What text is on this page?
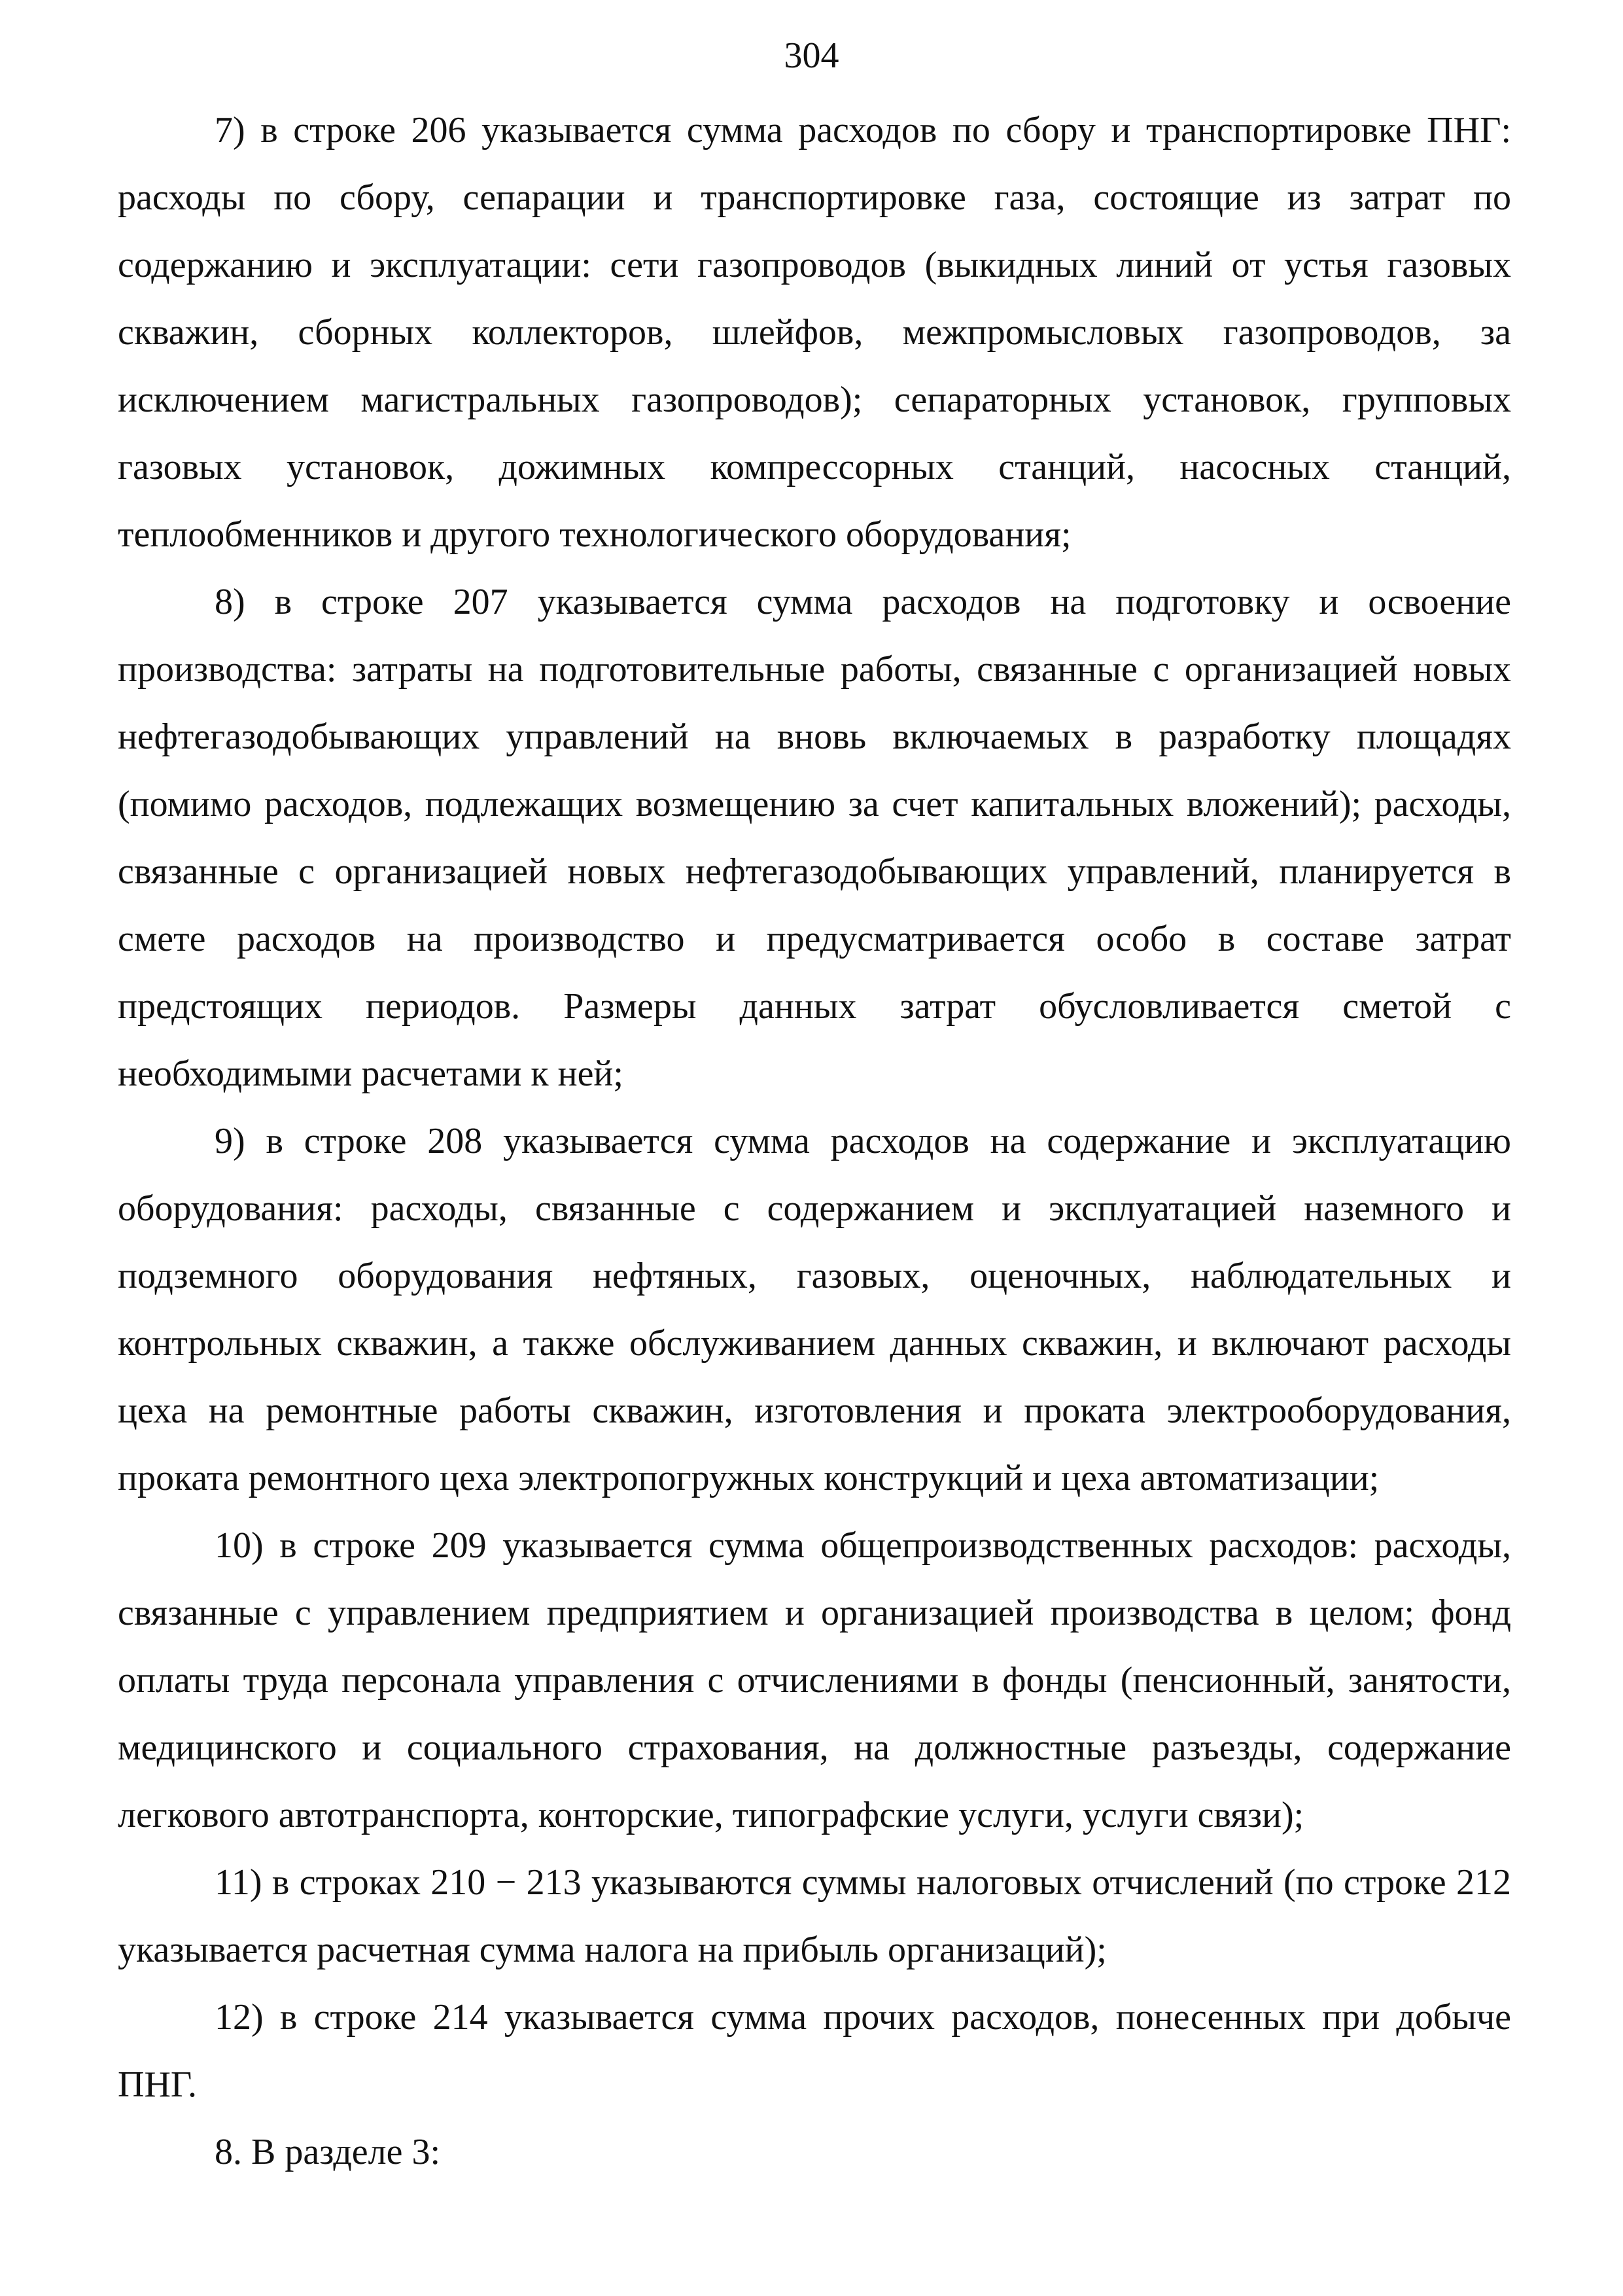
304

7) в строке 206 указывается сумма расходов по сбору и транспортировке ПНГ: расходы по сбору, сепарации и транспортировке газа, состоящие из затрат по содержанию и эксплуатации: сети газопроводов (выкидных линий от устья газовых скважин, сборных коллекторов, шлейфов, межпромысловых газопроводов, за исключением магистральных газопроводов); сепараторных установок, групповых газовых установок, дожимных компрессорных станций, насосных станций, теплообменников и другого технологического оборудования;

8) в строке 207 указывается сумма расходов на подготовку и освоение производства: затраты на подготовительные работы, связанные с организацией новых нефтегазодобывающих управлений на вновь включаемых в разработку площадях (помимо расходов, подлежащих возмещению за счет капитальных вложений); расходы, связанные с организацией новых нефтегазодобывающих управлений, планируется в смете расходов на производство и предусматривается особо в составе затрат предстоящих периодов. Размеры данных затрат обусловливается сметой с необходимыми расчетами к ней;

9) в строке 208 указывается сумма расходов на содержание и эксплуатацию оборудования: расходы, связанные с содержанием и эксплуатацией наземного и подземного оборудования нефтяных, газовых, оценочных, наблюдательных и контрольных скважин, а также обслуживанием данных скважин, и включают расходы цеха на ремонтные работы скважин, изготовления и проката электрооборудования, проката ремонтного цеха электропогружных конструкций и цеха автоматизации;

10) в строке 209 указывается сумма общепроизводственных расходов: расходы, связанные с управлением предприятием и организацией производства в целом; фонд оплаты труда персонала управления с отчислениями в фонды (пенсионный, занятости, медицинского и социального страхования, на должностные разъезды, содержание легкового автотранспорта, конторские, типографские услуги, услуги связи);

11) в строках 210 − 213 указываются суммы налоговых отчислений (по строке 212 указывается расчетная сумма налога на прибыль организаций);

12) в строке 214 указывается сумма прочих расходов, понесенных при добыче ПНГ.

8. В разделе 3:
